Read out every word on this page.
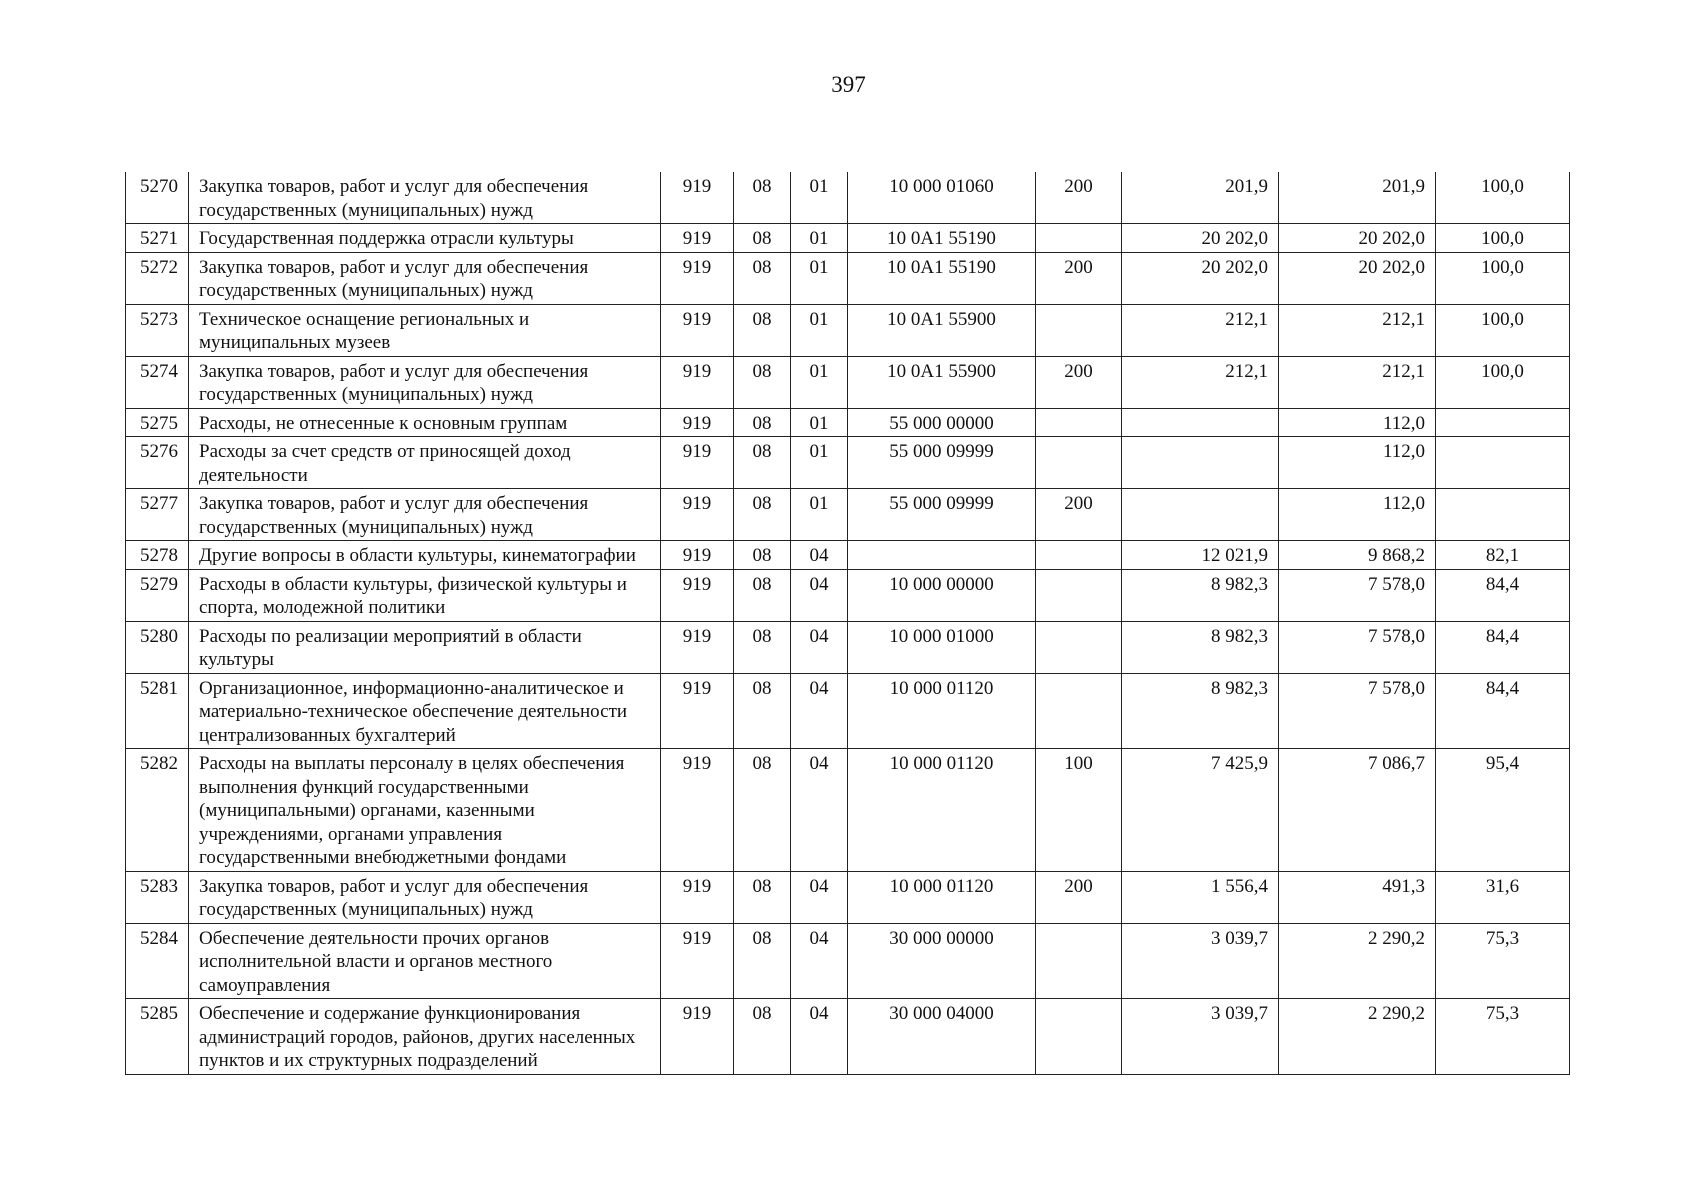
397
5270	Закупка товаров, работ и услуг для обеспечения государственных (муниципальных) нужд	919	08	01	10 000 01060	200	201,9	201,9	100,0
5271	Государственная поддержка отрасли культуры	919	08	01	10 0A1 55190		20 202,0	20 202,0	100,0
5272	Закупка товаров, работ и услуг для обеспечения государственных (муниципальных) нужд	919	08	01	10 0A1 55190	200	20 202,0	20 202,0	100,0
5273	Техническое оснащение региональных и муниципальных музеев	919	08	01	10 0A1 55900		212,1	212,1	100,0
5274	Закупка товаров, работ и услуг для обеспечения государственных (муниципальных) нужд	919	08	01	10 0A1 55900	200	212,1	212,1	100,0
5275	Расходы, не отнесенные к основным группам	919	08	01	55 000 00000			112,0	
5276	Расходы за счет средств от приносящей доход деятельности	919	08	01	55 000 09999			112,0	
5277	Закупка товаров, работ и услуг для обеспечения государственных (муниципальных) нужд	919	08	01	55 000 09999	200		112,0	
5278	Другие вопросы в области культуры, кинематографии	919	08	04			12 021,9	9 868,2	82,1
5279	Расходы в области культуры, физической культуры и спорта, молодежной политики	919	08	04	10 000 00000		8 982,3	7 578,0	84,4
5280	Расходы по реализации мероприятий в области культуры	919	08	04	10 000 01000		8 982,3	7 578,0	84,4
5281	Организационное, информационно-аналитическое и материально-техническое обеспечение деятельности централизованных бухгалтерий	919	08	04	10 000 01120		8 982,3	7 578,0	84,4
5282	Расходы на выплаты персоналу в целях обеспечения выполнения функций государственными (муниципальными) органами, казенными учреждениями, органами управления государственными внебюджетными фондами	919	08	04	10 000 01120	100	7 425,9	7 086,7	95,4
5283	Закупка товаров, работ и услуг для обеспечения государственных (муниципальных) нужд	919	08	04	10 000 01120	200	1 556,4	491,3	31,6
5284	Обеспечение деятельности прочих органов исполнительной власти и органов местного самоуправления	919	08	04	30 000 00000		3 039,7	2 290,2	75,3
5285	Обеспечение и содержание функционирования администраций городов, районов, других населенных пунктов и их структурных подразделений	919	08	04	30 000 04000		3 039,7	2 290,2	75,3
